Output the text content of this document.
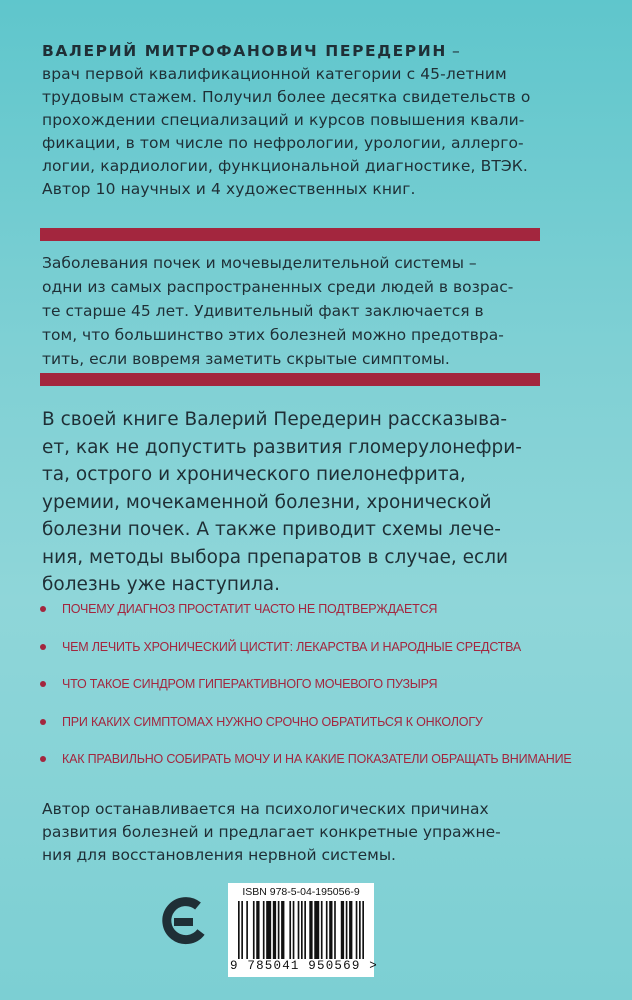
ВАЛЕРИЙ МИТРОФАНОВИЧ ПЕРЕДЕРИН –
врач первой квалификационной категории с 45-летним
трудовым стажем. Получил более десятка свидетельств о
прохождении специализаций и курсов повышения квали-
фикации, в том числе по нефрологии, урологии, аллерго-
логии, кардиологии, функциональной диагностике, ВТЭК.
Автор 10 научных и 4 художественных книг.
Заболевания почек и мочевыделительной системы –
одни из самых распространенных среди людей в возрас-
те старше 45 лет. Удивительный факт заключается в
том, что большинство этих болезней можно предотвра-
тить, если вовремя заметить скрытые симптомы.
В своей книге Валерий Передерин рассказыва-
ет, как не допустить развития гломерулонефри-
та, острого и хронического пиелонефрита,
уремии, мочекаменной болезни, хронической
болезни почек. А также приводит схемы лече-
ния, методы выбора препаратов в случае, если
болезнь уже наступила.
ПОЧЕМУ ДИАГНОЗ ПРОСТАТИТ ЧАСТО НЕ ПОДТВЕРЖДАЕТСЯ
ЧЕМ ЛЕЧИТЬ ХРОНИЧЕСКИЙ ЦИСТИТ: ЛЕКАРСТВА И НАРОДНЫЕ СРЕДСТВА
ЧТО ТАКОЕ СИНДРОМ ГИПЕРАКТИВНОГО МОЧЕВОГО ПУЗЫРЯ
ПРИ КАКИХ СИМПТОМАХ НУЖНО СРОЧНО ОБРАТИТЬСЯ К ОНКОЛОГУ
КАК ПРАВИЛЬНО СОБИРАТЬ МОЧУ И НА КАКИЕ ПОКАЗАТЕЛИ ОБРАЩАТЬ ВНИМАНИЕ
Автор останавливается на психологических причинах
развития болезней и предлагает конкретные упражне-
ния для восстановления нервной системы.
ISBN 978-5-04-195056-9
9 785041 950569 >
